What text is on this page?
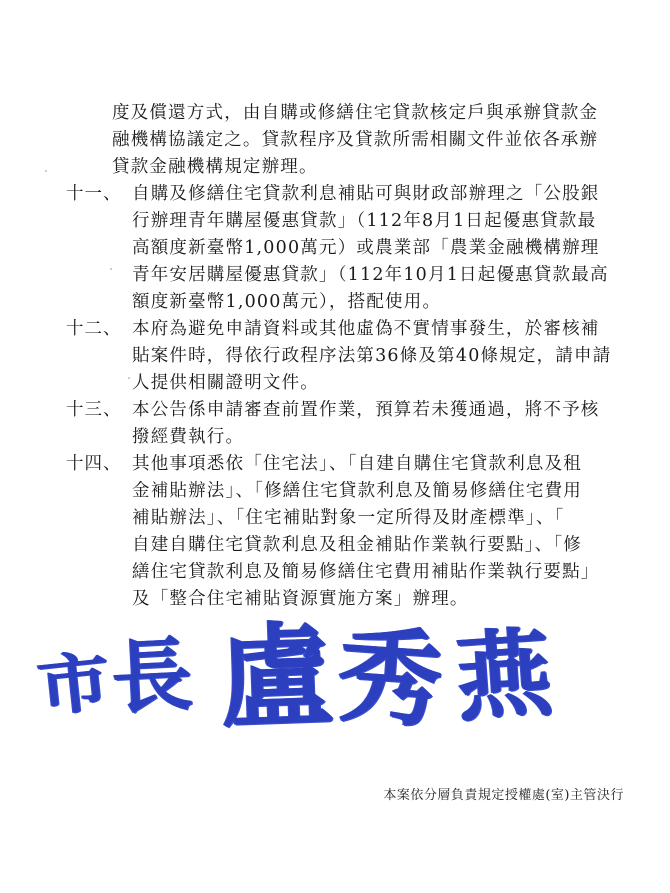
度及償還方式，由自購或修繕住宅貸款核定戶與承辦貸款金
融機構協議定之。貸款程序及貸款所需相關文件並依各承辦
貸款金融機構規定辦理。
十一、 自購及修繕住宅貸款利息補貼可與財政部辦理之「公股銀
行辦理青年購屋優惠貸款」（112年8月1日起優惠貸款最
高額度新臺幣1,000萬元）或農業部「農業金融機構辦理
青年安居購屋優惠貸款」（112年10月1日起優惠貸款最高
額度新臺幣1,000萬元），搭配使用。
十二、 本府為避免申請資料或其他虛偽不實情事發生，於審核補
貼案件時，得依行政程序法第36條及第40條規定，請申請
人提供相關證明文件。
十三、 本公告係申請審查前置作業，預算若未獲通過，將不予核
撥經費執行。
十四、 其他事項悉依「住宅法」、「自建自購住宅貸款利息及租
金補貼辦法」、「修繕住宅貸款利息及簡易修繕住宅費用
補貼辦法」、「住宅補貼對象一定所得及財產標準」、「
自建自購住宅貸款利息及租金補貼作業執行要點」、「修
繕住宅貸款利息及簡易修繕住宅費用補貼作業執行要點」
及「整合住宅補貼資源實施方案」辦理。
市
長 盧 秀 燕
本案依分層負責規定授權處(室)主管決行
